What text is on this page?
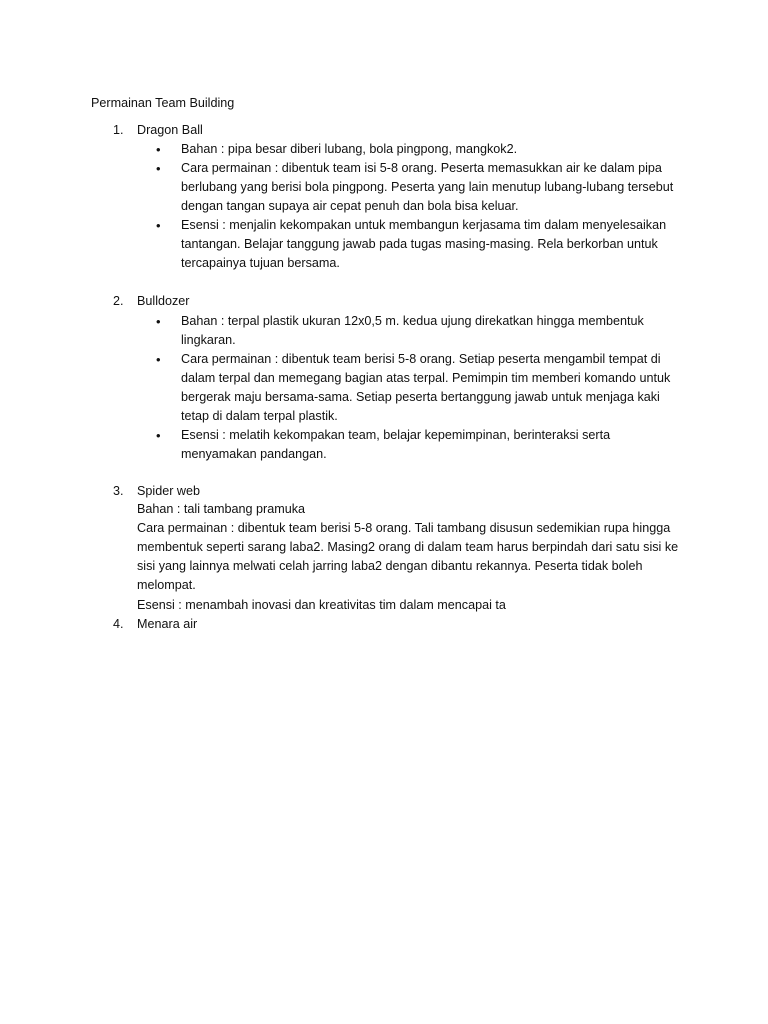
Permainan Team Building
1. Dragon Ball
• Bahan : pipa besar diberi lubang, bola pingpong, mangkok2.
• Cara permainan : dibentuk team isi 5-8 orang. Peserta memasukkan air ke dalam pipa berlubang yang berisi bola pingpong. Peserta yang lain menutup lubang-lubang tersebut dengan tangan supaya air cepat penuh dan bola bisa keluar.
• Esensi : menjalin kekompakan untuk membangun kerjasama tim dalam menyelesaikan tantangan. Belajar tanggung jawab pada tugas masing-masing. Rela berkorban untuk tercapainya tujuan bersama.
2. Bulldozer
• Bahan : terpal plastik ukuran 12x0,5 m. kedua ujung direkatkan hingga membentuk lingkaran.
• Cara permainan : dibentuk team berisi 5-8 orang. Setiap peserta mengambil tempat di dalam terpal dan memegang bagian atas terpal. Pemimpin tim memberi komando untuk bergerak maju bersama-sama. Setiap peserta bertanggung jawab untuk menjaga kaki tetap di dalam terpal plastik.
• Esensi : melatih kekompakan team, belajar kepemimpinan, berinteraksi serta menyamakan pandangan.
3. Spider web
Bahan : tali tambang pramuka
Cara permainan : dibentuk team berisi 5-8 orang. Tali tambang disusun sedemikian rupa hingga membentuk seperti sarang laba2. Masing2 orang di dalam team harus berpindah dari satu sisi ke sisi yang lainnya melwati celah jarring laba2 dengan dibantu rekannya. Peserta tidak boleh melompat.
Esensi : menambah inovasi dan kreativitas tim dalam mencapai ta
4. Menara air
